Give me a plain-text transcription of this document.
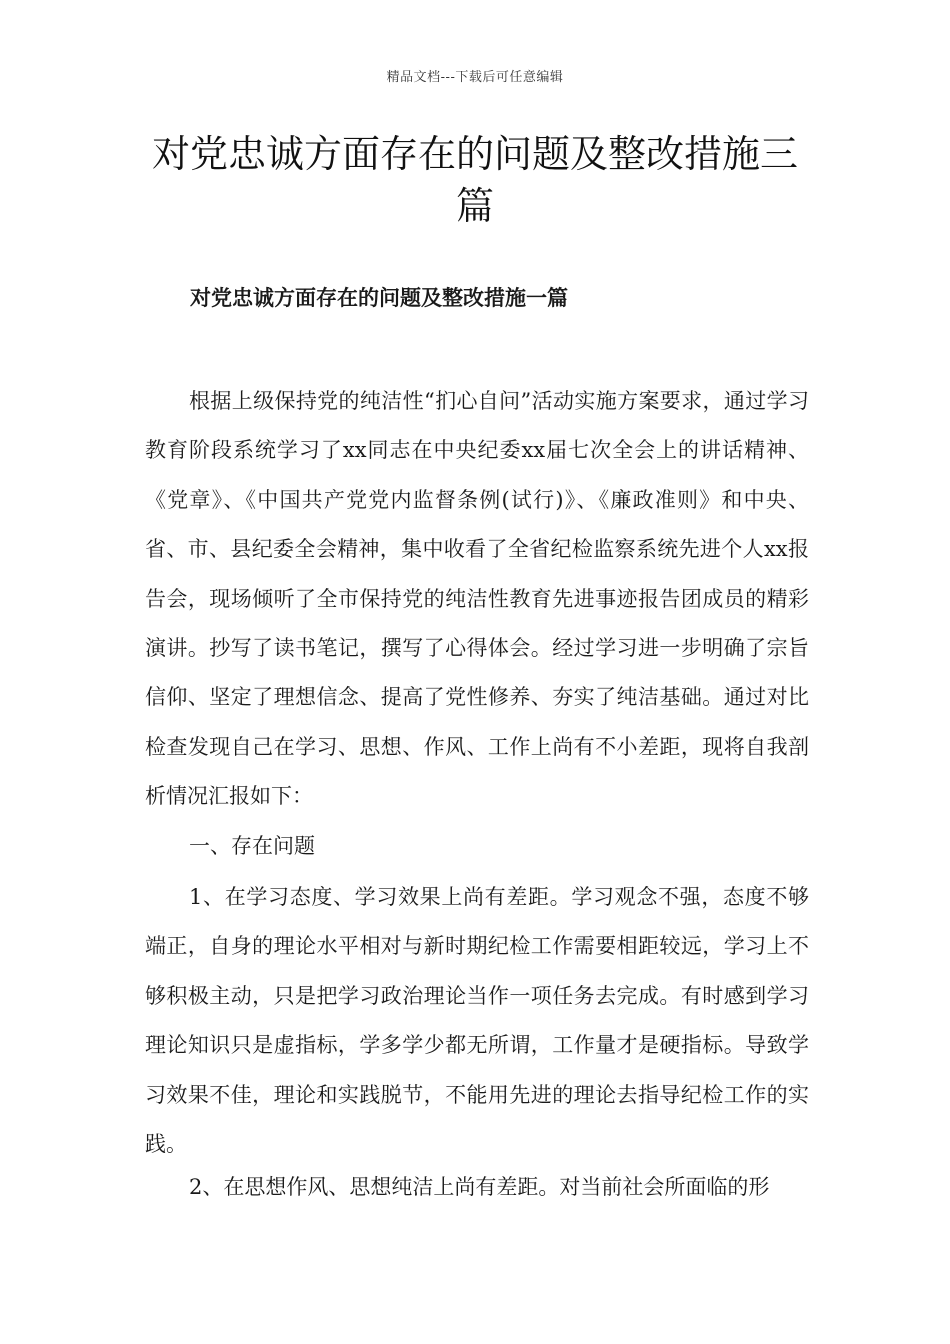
精品文档---下载后可任意编辑
对党忠诚方面存在的问题及整改措施三篇
对党忠诚方面存在的问题及整改措施一篇

根据上级保持党的纯洁性“扪心自问”活动实施方案要求，通过学习教育阶段系统学习了xx同志在中央纪委xx届七次全会上的讲话精神、《党章》、《中国共产党党内监督条例(试行)》、《廉政准则》和中央、省、市、县纪委全会精神，集中收看了全省纪检监察系统先进个人xx报告会，现场倾听了全市保持党的纯洁性教育先进事迹报告团成员的精彩演讲。抄写了读书笔记，撰写了心得体会。经过学习进一步明确了宗旨信仰、坚定了理想信念、提高了党性修养、夯实了纯洁基础。通过对比检查发现自己在学习、思想、作风、工作上尚有不小差距，现将自我剖析情况汇报如下：

一、存在问题

1、在学习态度、学习效果上尚有差距。学习观念不强，态度不够端正，自身的理论水平相对与新时期纪检工作需要相距较远，学习上不够积极主动，只是把学习政治理论当作一项任务去完成。有时感到学习理论知识只是虚指标，学多学少都无所谓，工作量才是硬指标。导致学习效果不佳，理论和实践脱节，不能用先进的理论去指导纪检工作的实践。

2、在思想作风、思想纯洁上尚有差距。对当前社会所面临的形
